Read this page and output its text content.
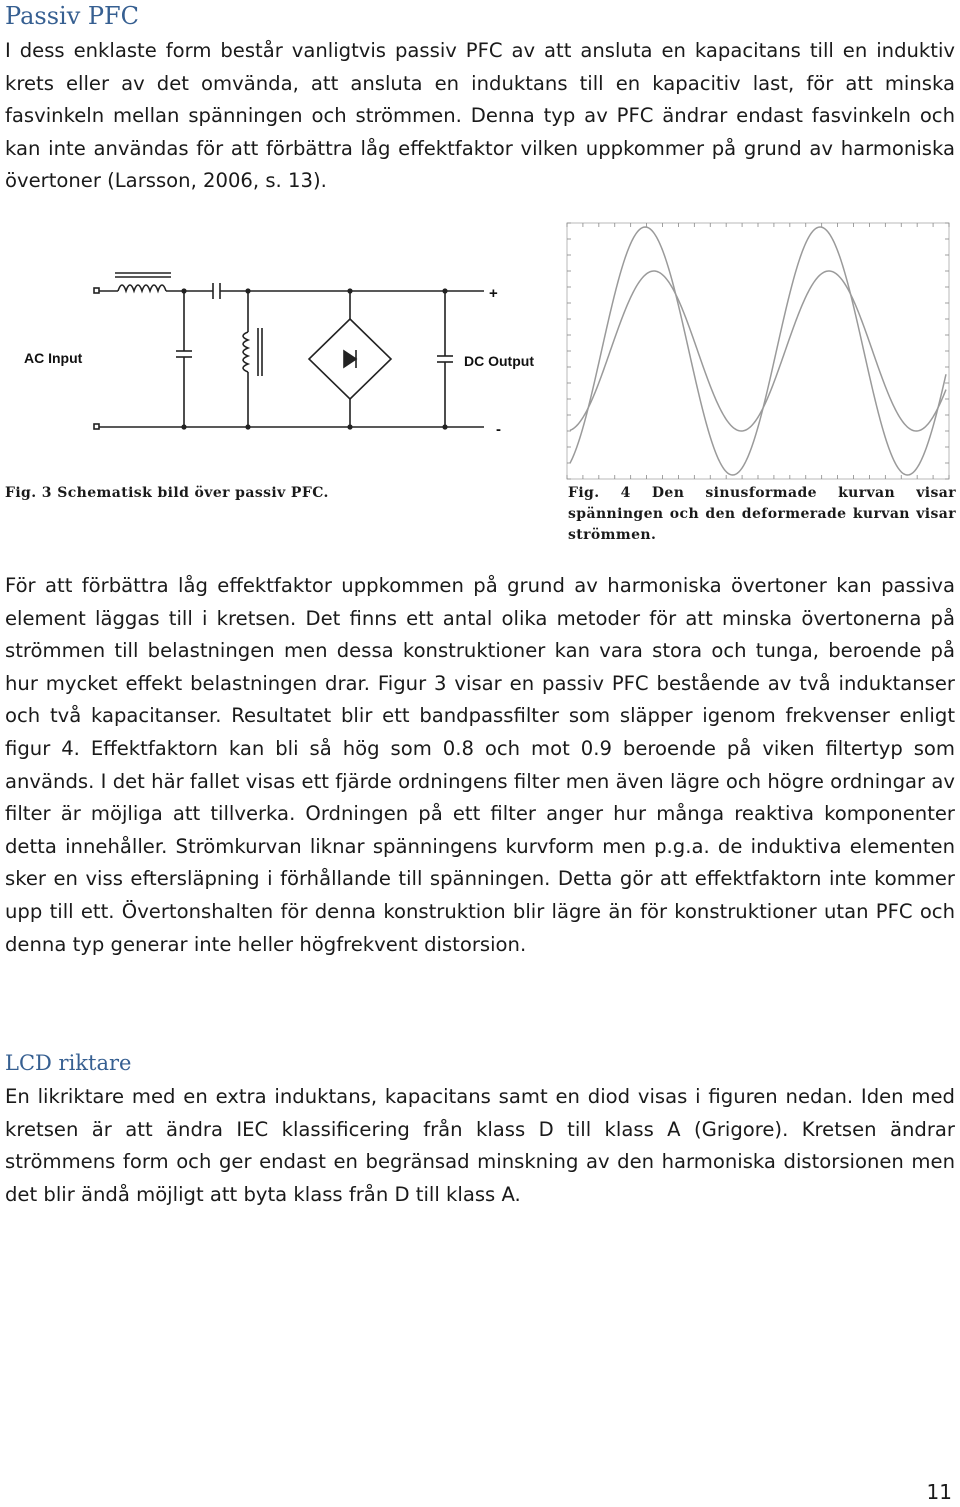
Passiv PFC

I dess enklaste form består vanligtvis passiv PFC av att ansluta en kapacitans till en induktiv krets eller av det omvända, att ansluta en induktans till en kapacitiv last, för att minska fasvinkeln mellan spänningen och strömmen. Denna typ av PFC ändrar endast fasvinkeln och kan inte användas för att förbättra låg effektfaktor vilken uppkommer på grund av harmoniska övertoner (Larsson, 2006, s. 13).

AC Input	DC Output
+
-

Fig. 3 Schematisk bild över passiv PFC.	Fig. 4 Den sinusformade kurvan visar spänningen och den deformerade kurvan visar strömmen.

För att förbättra låg effektfaktor uppkommen på grund av harmoniska övertoner kan passiva element läggas till i kretsen. Det finns ett antal olika metoder för att minska övertonerna på strömmen till belastningen men dessa konstruktioner kan vara stora och tunga, beroende på hur mycket effekt belastningen drar. Figur 3 visar en passiv PFC bestående av två induktanser och två kapacitanser. Resultatet blir ett bandpassfilter som släpper igenom frekvenser enligt figur 4. Effektfaktorn kan bli så hög som 0.8 och mot 0.9 beroende på viken filtertyp som används. I det här fallet visas ett fjärde ordningens filter men även lägre och högre ordningar av filter är möjliga att tillverka. Ordningen på ett filter anger hur många reaktiva komponenter detta innehåller. Strömkurvan liknar spänningens kurvform men p.g.a. de induktiva elementen sker en viss eftersläpning i förhållande till spänningen. Detta gör att effektfaktorn inte kommer upp till ett. Övertonshalten för denna konstruktion blir lägre än för konstruktioner utan PFC och denna typ generar inte heller högfrekvent distorsion.

LCD riktare

En likriktare med en extra induktans, kapacitans samt en diod visas i figuren nedan. Iden med kretsen är att ändra IEC klassificering från klass D till klass A (Grigore). Kretsen ändrar strömmens form och ger endast en begränsad minskning av den harmoniska distorsionen men det blir ändå möjligt att byta klass från D till klass A.

11
